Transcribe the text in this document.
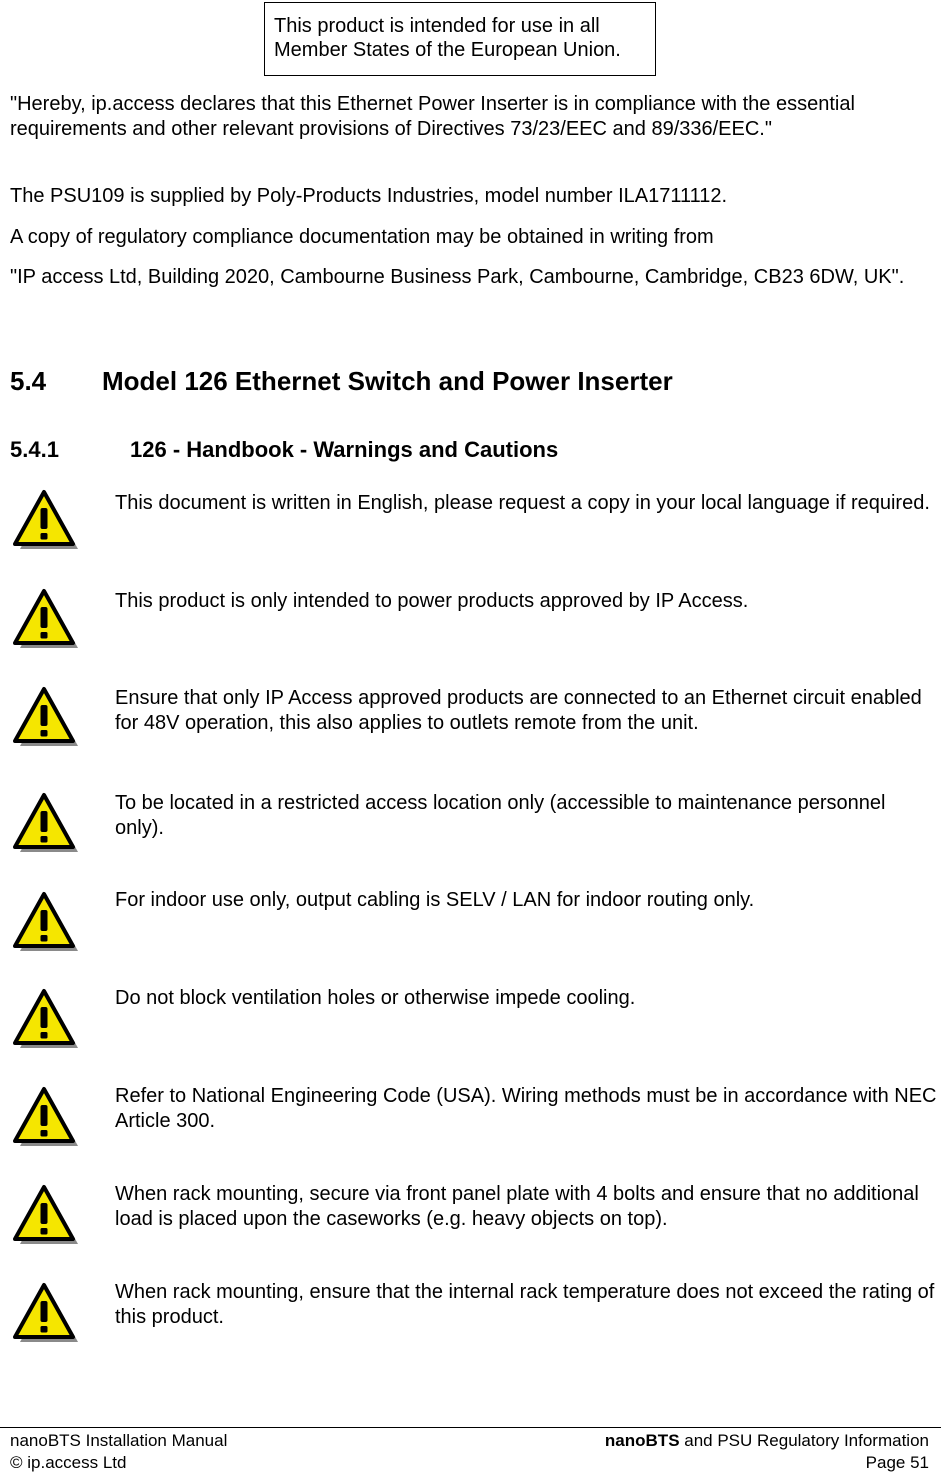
This product is intended for use in all
Member States of the European Union.

"Hereby, ip.access declares that this Ethernet Power Inserter is in compliance with the essential requirements and other relevant provisions of Directives 73/23/EEC and 89/336/EEC."

The PSU109 is supplied by Poly-Products Industries, model number ILA1711112.

A copy of regulatory compliance documentation may be obtained in writing from

"IP access Ltd, Building 2020, Cambourne Business Park, Cambourne, Cambridge, CB23 6DW, UK".

5.4 Model 126 Ethernet Switch and Power Inserter
5.4.1	126 - Handbook - Warnings and Cautions

This document is written in English, please request a copy in your local language if required.

This product is only intended to power products approved by IP Access.

Ensure that only IP Access approved products are connected to an Ethernet circuit enabled for 48V operation, this also applies to outlets remote from the unit.

To be located in a restricted access location only (accessible to maintenance personnel only).

For indoor use only, output cabling is SELV / LAN for indoor routing only.

Do not block ventilation holes or otherwise impede cooling.

Refer to National Engineering Code (USA). Wiring methods must be in accordance with NEC Article 300.

When rack mounting, secure via front panel plate with 4 bolts and ensure that no additional load is placed upon the caseworks (e.g. heavy objects on top).

When rack mounting, ensure that the internal rack temperature does not exceed the rating of this product.

nanoBTS Installation Manual
© ip.access Ltd
nanoBTS and PSU Regulatory Information
Page 51
